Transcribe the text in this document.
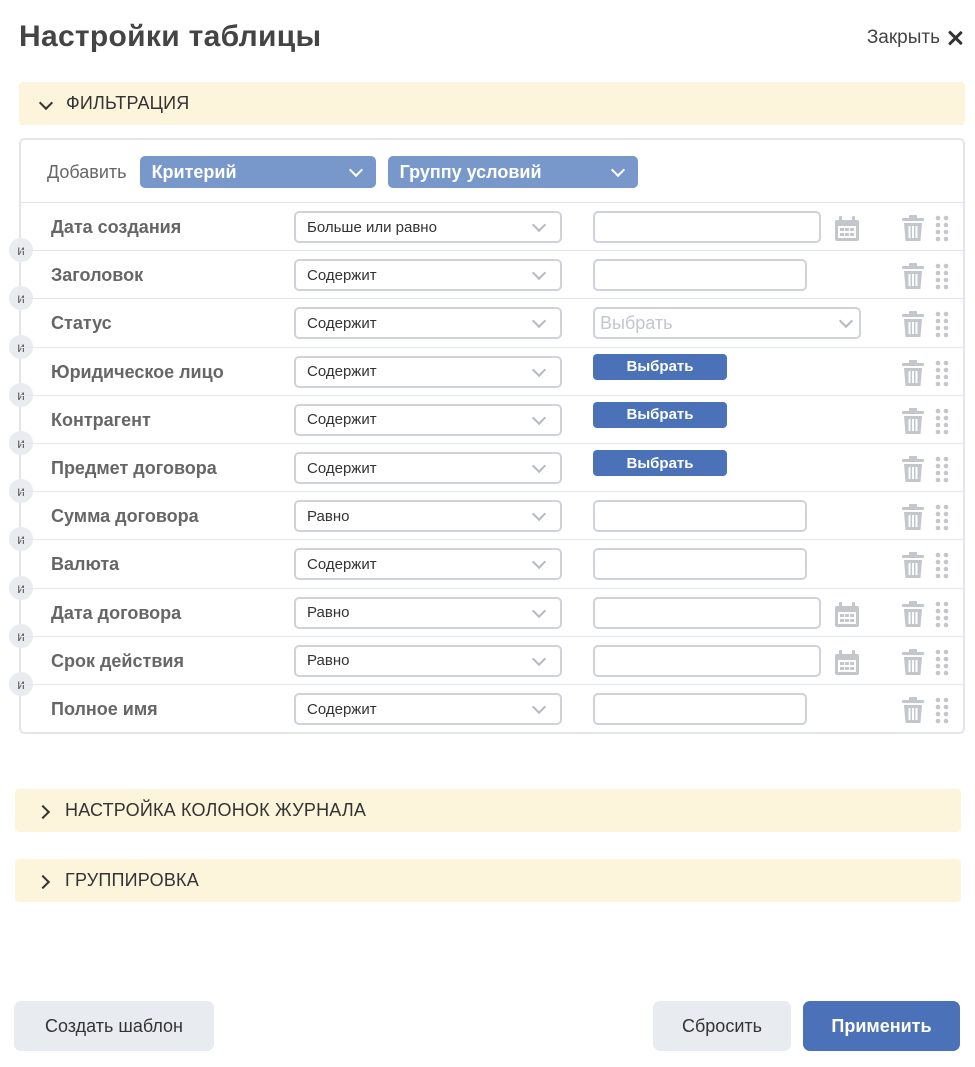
Настройки таблицы	Закрыть
ФИЛЬТРАЦИЯ
Добавить Критерий	Группу условий
Дата создания	Больше или равно
и
Заголовок	Содержит
и
Статус	Содержит	Выбрать
и
Юридическое лицо	Содержит	Выбрать
и
Контрагент	Содержит	Выбрать
и
Предмет договора	Содержит	Выбрать
и
Сумма договора	Равно
и
Валюта	Содержит
и
Дата договора	Равно
и
Срок действия	Равно
и
Полное имя	Содержит
НАСТРОЙКА КОЛОНОК ЖУРНАЛА
ГРУППИРОВКА
Создать шаблон	Сбросить	Применить
